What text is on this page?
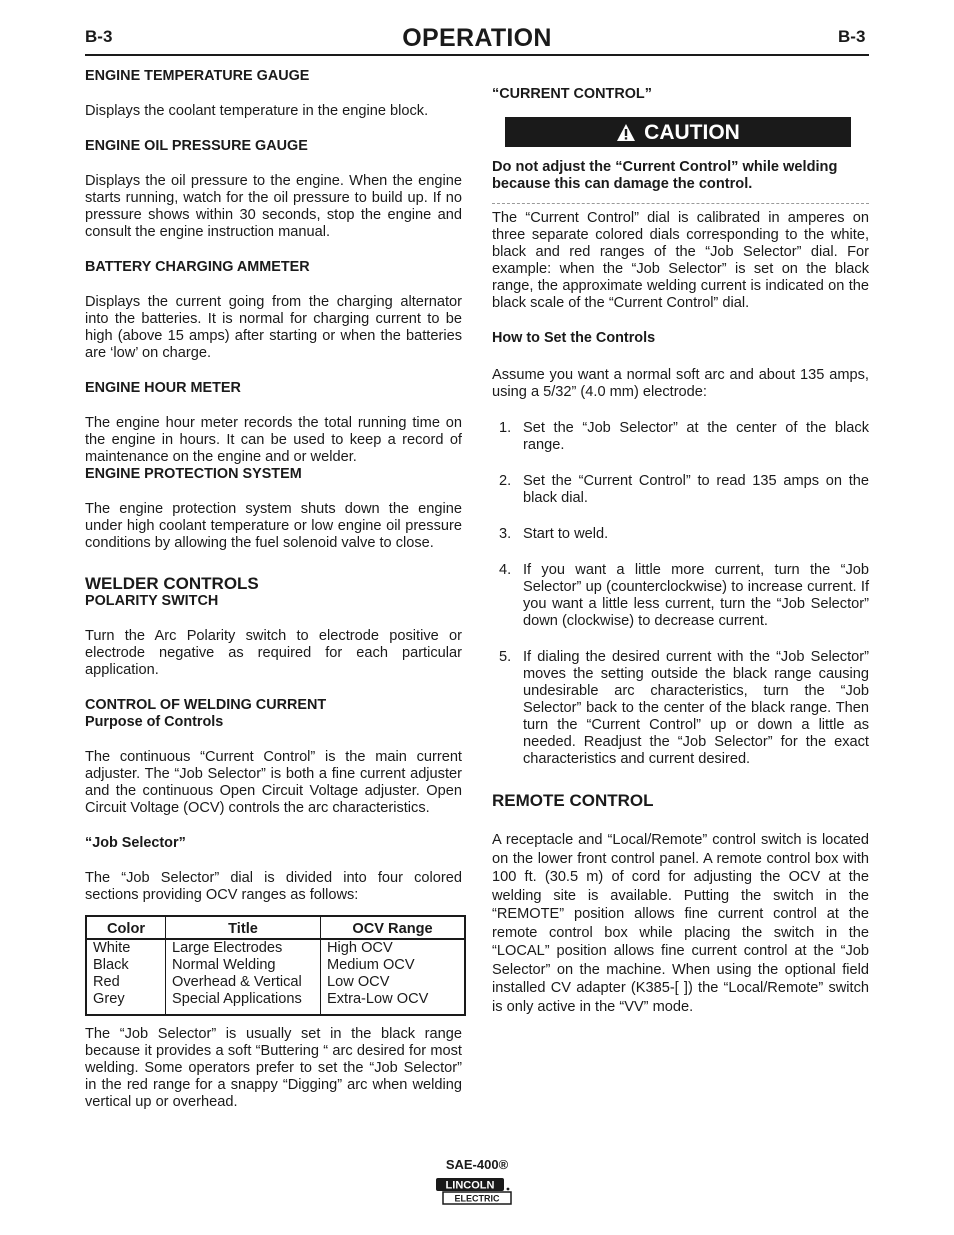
B-3	OPERATION	B-3
ENGINE TEMPERATURE GAUGE

Displays the coolant temperature in the engine block.

ENGINE OIL PRESSURE GAUGE

Displays the oil pressure to the engine. When the engine starts running, watch for the oil pressure to build up. If no pressure shows within 30 seconds, stop the engine and consult the engine instruction manual.

BATTERY CHARGING AMMETER

Displays the current going from the charging alternator into the batteries. It is normal for charging current to be high (above 15 amps) after starting or when the batteries are ‘low’ on charge.

ENGINE HOUR METER

The engine hour meter records the total running time on the engine in hours. It can be used to keep a record of maintenance on the engine and or welder.

ENGINE PROTECTION SYSTEM

The engine protection system shuts down the engine under high coolant temperature or low engine oil pressure conditions by allowing the fuel solenoid valve to close.

WELDER CONTROLS
POLARITY SWITCH

Turn the Arc Polarity switch to electrode positive or electrode negative as required for each particular application.

CONTROL OF WELDING CURRENT
Purpose of Controls

The continuous “Current Control” is the main current adjuster. The “Job Selector” is both a fine current adjuster and the continuous Open Circuit Voltage adjuster. Open Circuit Voltage (OCV) controls the arc characteristics.

“Job Selector”

The “Job Selector” dial is divided into four colored sections providing OCV ranges as follows:

Color	Title	OCV Range
White	Large Electrodes	High OCV
Black	Normal Welding	Medium OCV
Red	Overhead & Vertical	Low OCV
Grey	Special Applications	Extra-Low OCV

The “Job Selector” is usually set in the black range because it provides a soft “Buttering “ arc desired for most welding. Some operators prefer to set the “Job Selector” in the red range for a snappy “Digging” arc when welding vertical up or overhead.

“CURRENT CONTROL”
CAUTION

Do not adjust the “Current Control” while welding because this can damage the control.

The “Current Control” dial is calibrated in amperes on three separate colored dials corresponding to the white, black and red ranges of the “Job Selector” dial. For example: when the “Job Selector” is set on the black range, the approximate welding current is indicated on the black scale of the “Current Control” dial.

How to Set the Controls

Assume you want a normal soft arc and about 135 amps, using a 5/32” (4.0 mm) electrode:

1. Set the “Job Selector” at the center of the black range.
2. Set the “Current Control” to read 135 amps on the black dial.
3. Start to weld.
4. If you want a little more current, turn the “Job Selector” up (counterclockwise) to increase current. If you want a little less current, turn the “Job Selector” down (clockwise) to decrease current.
5. If dialing the desired current with the “Job Selector” moves the setting outside the black range causing undesirable arc characteristics, turn the “Job Selector” back to the center of the black range. Then turn the “Current Control” up or down a little as needed. Readjust the “Job Selector” for the exact characteristics and current desired.
REMOTE CONTROL

A receptacle and “Local/Remote” control switch is located on the lower front control panel. A remote control box with 100 ft. (30.5 m) of cord for adjusting the OCV at the welding site is available. Putting the switch in the “REMOTE” position allows fine current control at the remote control box while placing the switch in the “LOCAL” position allows fine current control at the “Job Selector” on the machine. When using the optional field installed CV adapter (K385-[ ]) the “Local/Remote” switch is only active in the “VV” mode.

SAE-400®
LINCOLN
ELECTRIC
